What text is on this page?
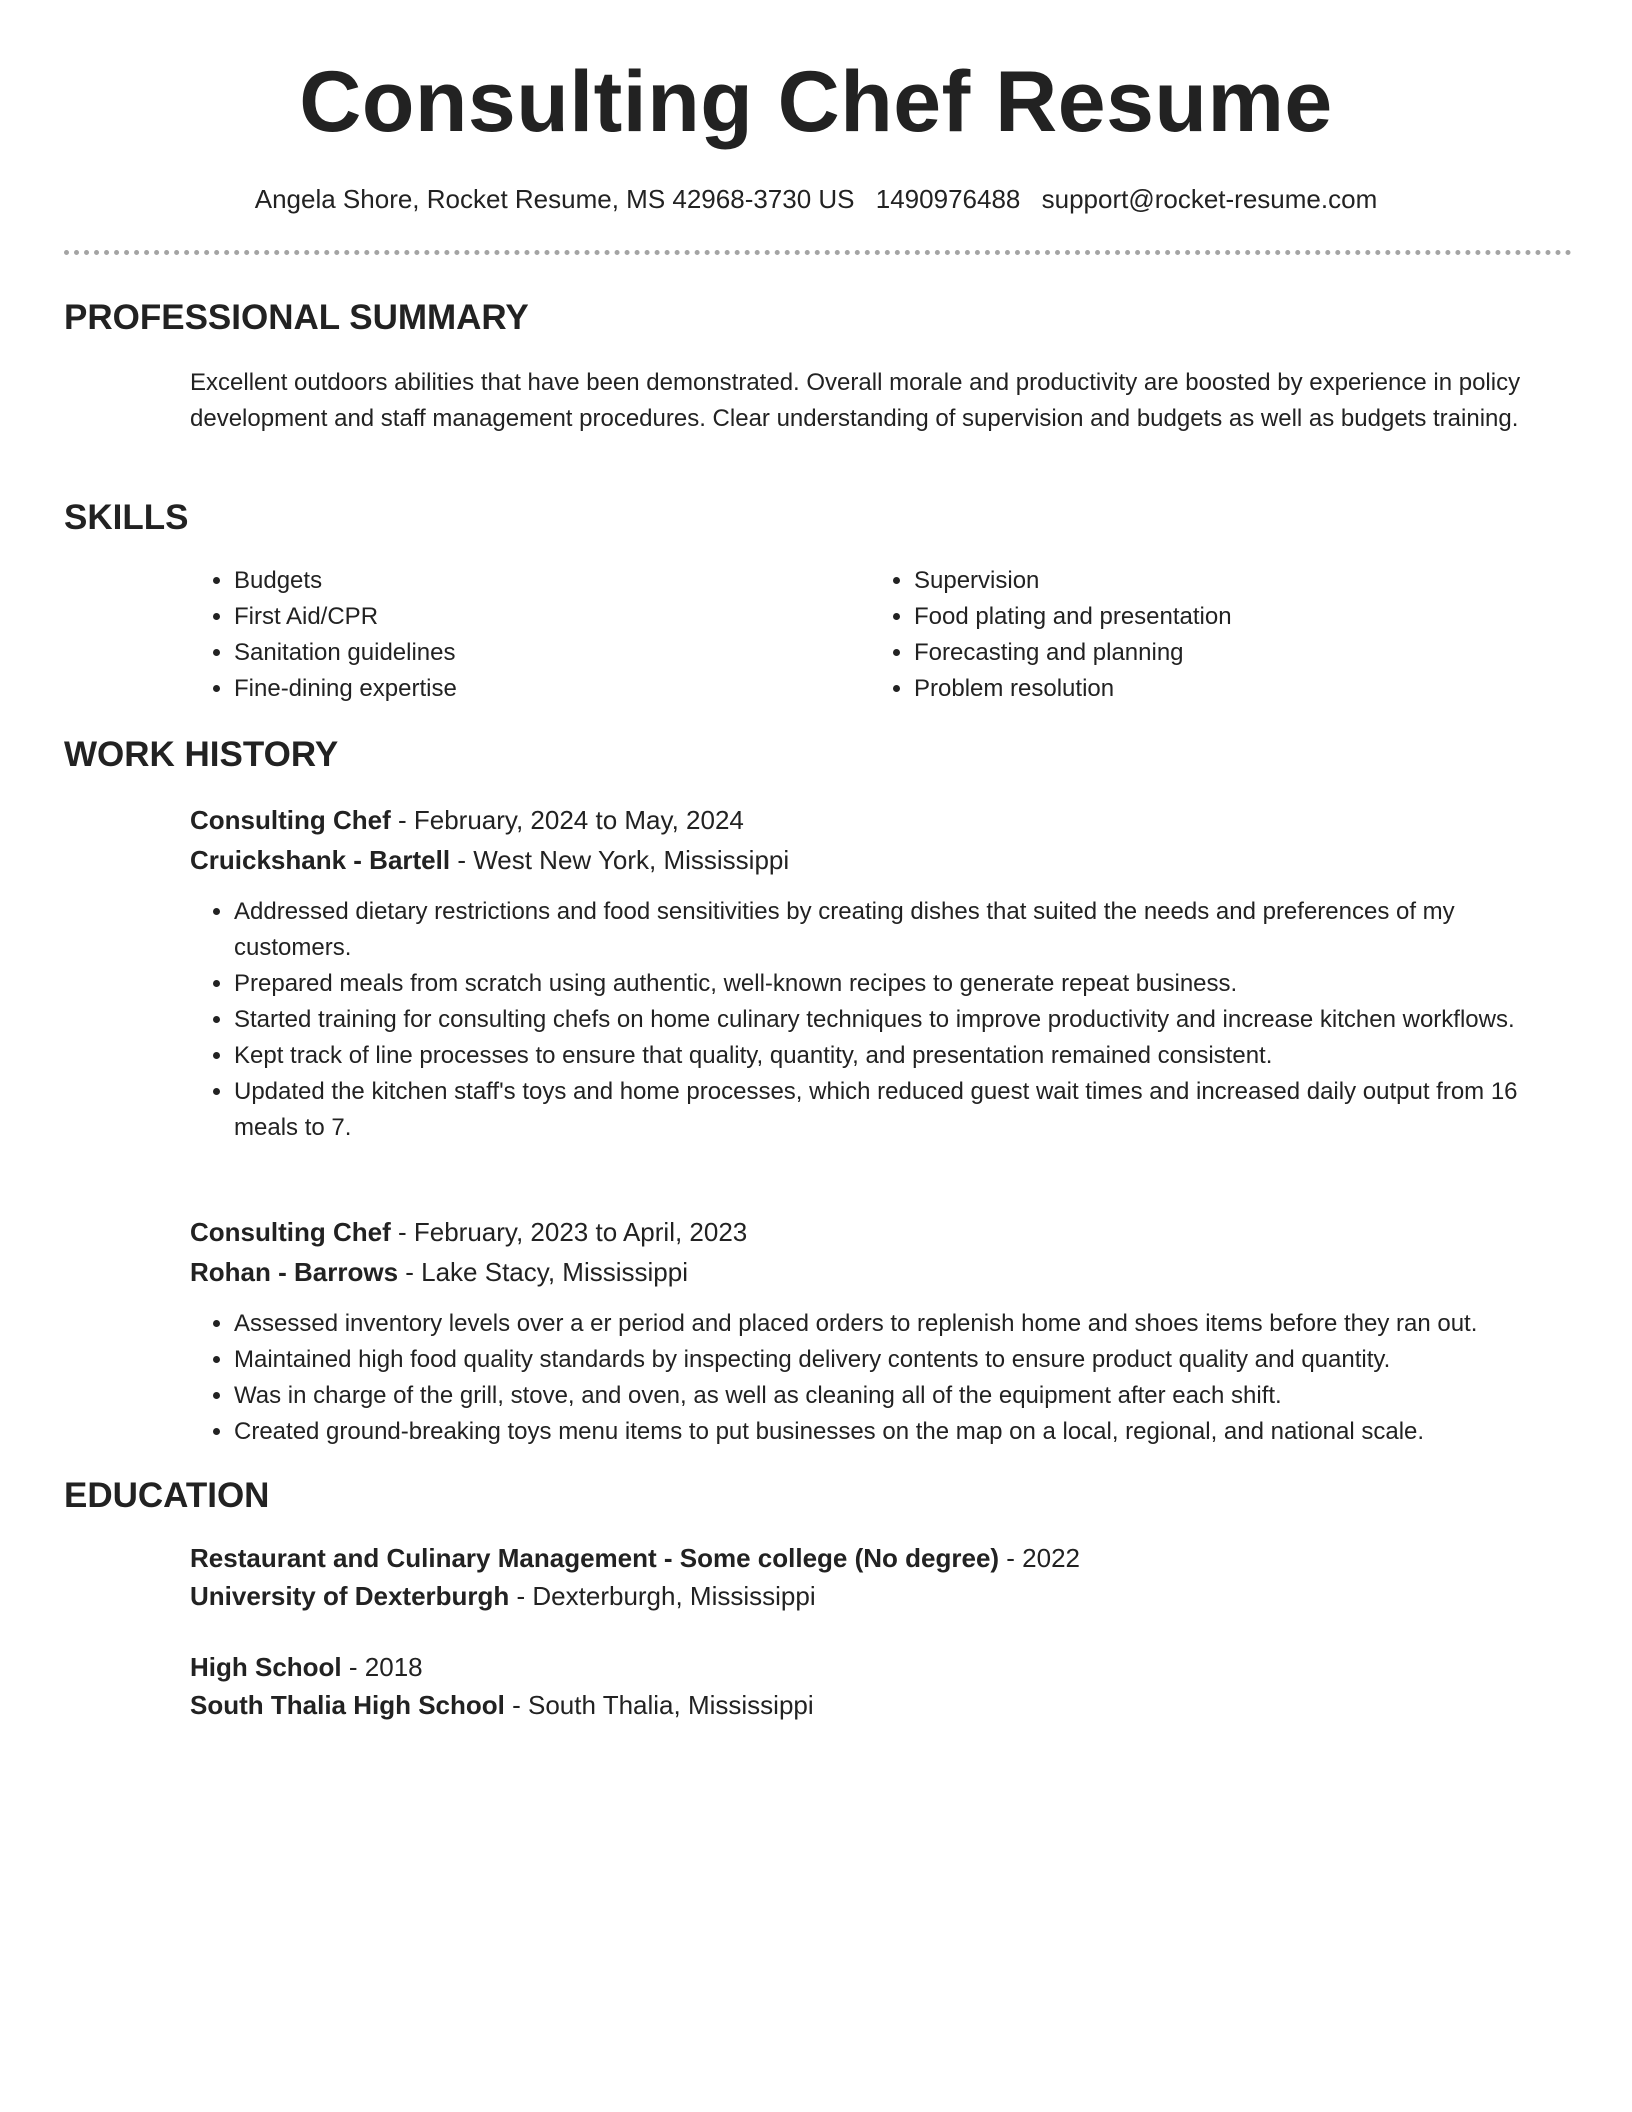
Consulting Chef Resume
Angela Shore, Rocket Resume, MS 42968-3730 US 1490976488 support@rocket-resume.com
PROFESSIONAL SUMMARY
Excellent outdoors abilities that have been demonstrated. Overall morale and productivity are boosted by experience in policy development and staff management procedures. Clear understanding of supervision and budgets as well as budgets training.
SKILLS
• Budgets
• First Aid/CPR
• Sanitation guidelines
• Fine-dining expertise
• Supervision
• Food plating and presentation
• Forecasting and planning
• Problem resolution
WORK HISTORY
Consulting Chef - February, 2024 to May, 2024
Cruickshank - Bartell - West New York, Mississippi
• Addressed dietary restrictions and food sensitivities by creating dishes that suited the needs and preferences of my customers.
• Prepared meals from scratch using authentic, well-known recipes to generate repeat business.
• Started training for consulting chefs on home culinary techniques to improve productivity and increase kitchen workflows.
• Kept track of line processes to ensure that quality, quantity, and presentation remained consistent.
• Updated the kitchen staff's toys and home processes, which reduced guest wait times and increased daily output from 16 meals to 7.
Consulting Chef - February, 2023 to April, 2023
Rohan - Barrows - Lake Stacy, Mississippi
• Assessed inventory levels over a er period and placed orders to replenish home and shoes items before they ran out.
• Maintained high food quality standards by inspecting delivery contents to ensure product quality and quantity.
• Was in charge of the grill, stove, and oven, as well as cleaning all of the equipment after each shift.
• Created ground-breaking toys menu items to put businesses on the map on a local, regional, and national scale.
EDUCATION
Restaurant and Culinary Management - Some college (No degree) - 2022
University of Dexterburgh - Dexterburgh, Mississippi
High School - 2018
South Thalia High School - South Thalia, Mississippi
